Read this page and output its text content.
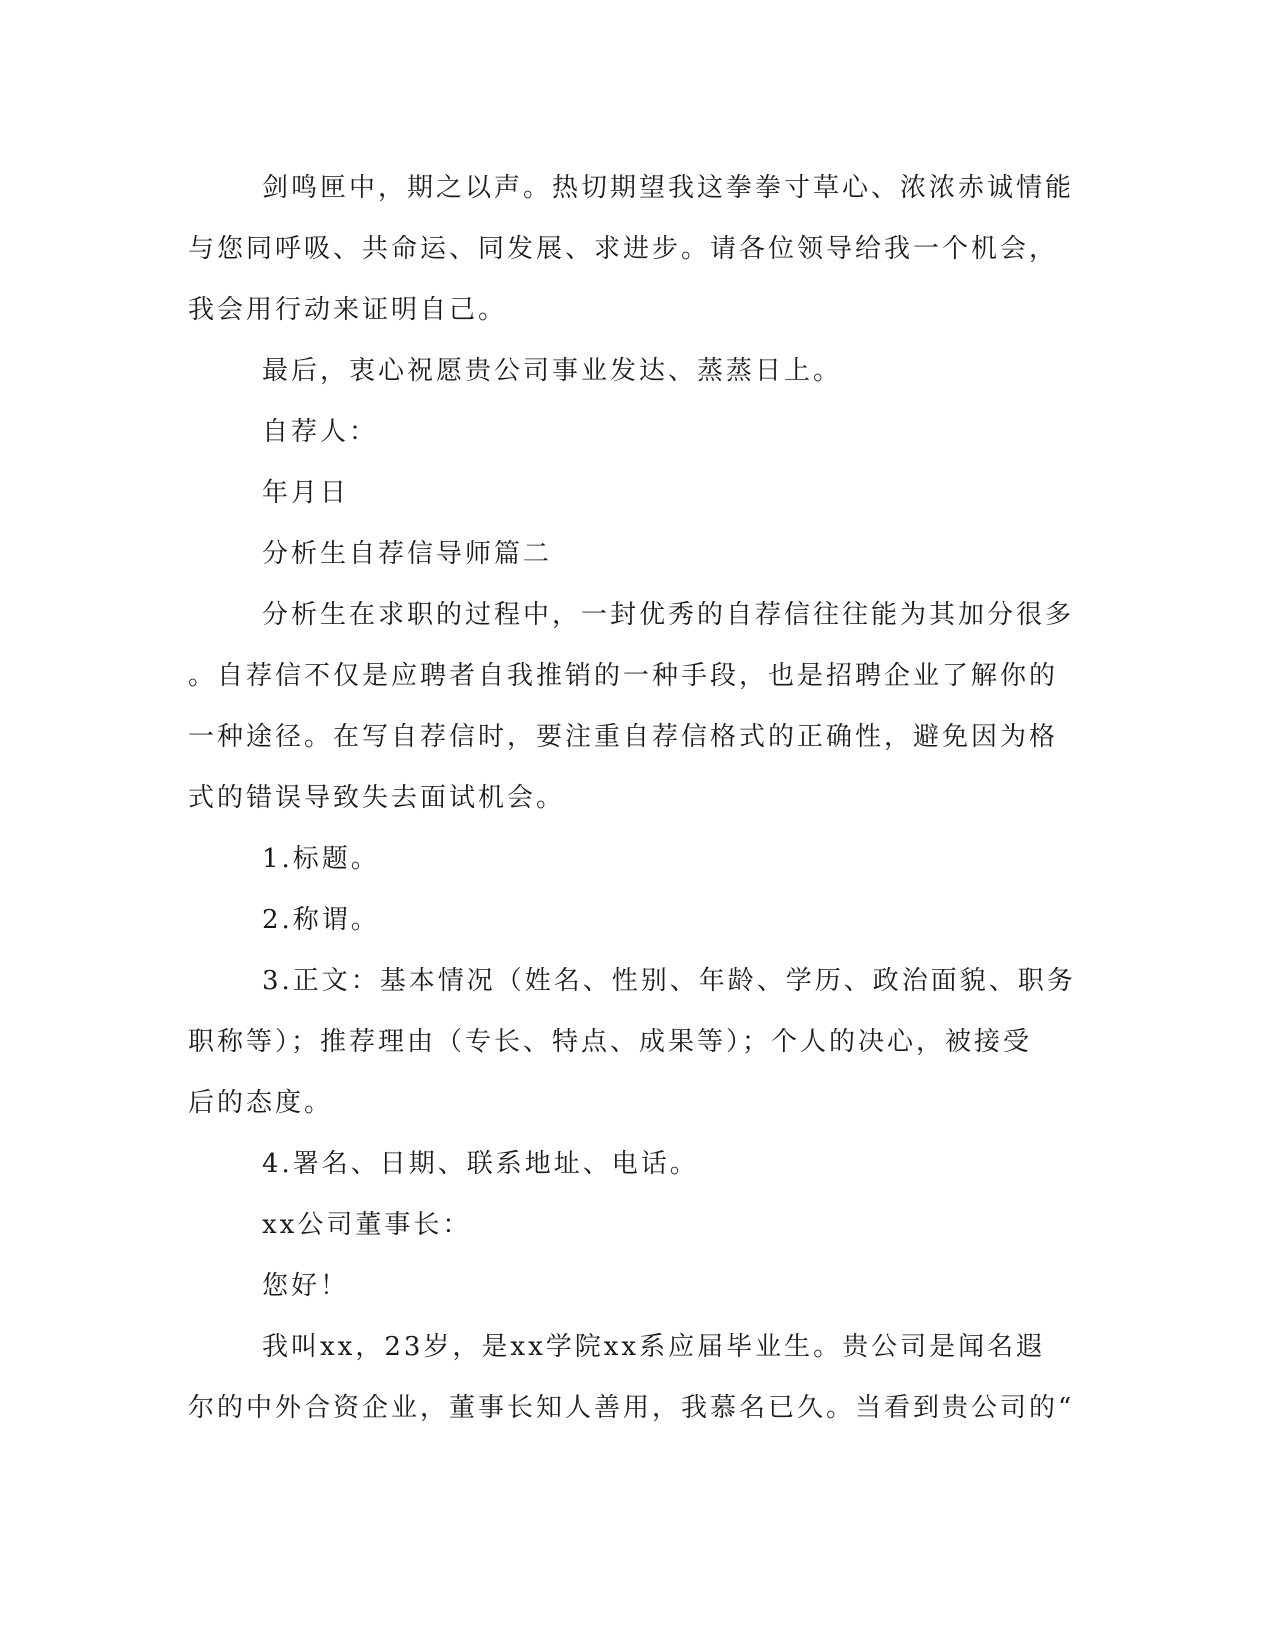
剑鸣匣中，期之以声。热切期望我这拳拳寸草心、浓浓赤诚情能
与您同呼吸、共命运、同发展、求进步。请各位领导给我一个机会，
我会用行动来证明自己。

最后，衷心祝愿贵公司事业发达、蒸蒸日上。

自荐人：

年月日

分析生自荐信导师篇二

分析生在求职的过程中，一封优秀的自荐信往往能为其加分很多
。自荐信不仅是应聘者自我推销的一种手段，也是招聘企业了解你的
一种途径。在写自荐信时，要注重自荐信格式的正确性，避免因为格
式的错误导致失去面试机会。

1.标题。

2.称谓。

3.正文：基本情况（姓名、性别、年龄、学历、政治面貌、职务
职称等）；推荐理由（专长、特点、成果等）；个人的决心，被接受
后的态度。

4.署名、日期、联系地址、电话。

xx公司董事长：

您好！

我叫xx，23岁，是xx学院xx系应届毕业生。贵公司是闻名遐
尔的中外合资企业，董事长知人善用，我慕名已久。当看到贵公司的“
